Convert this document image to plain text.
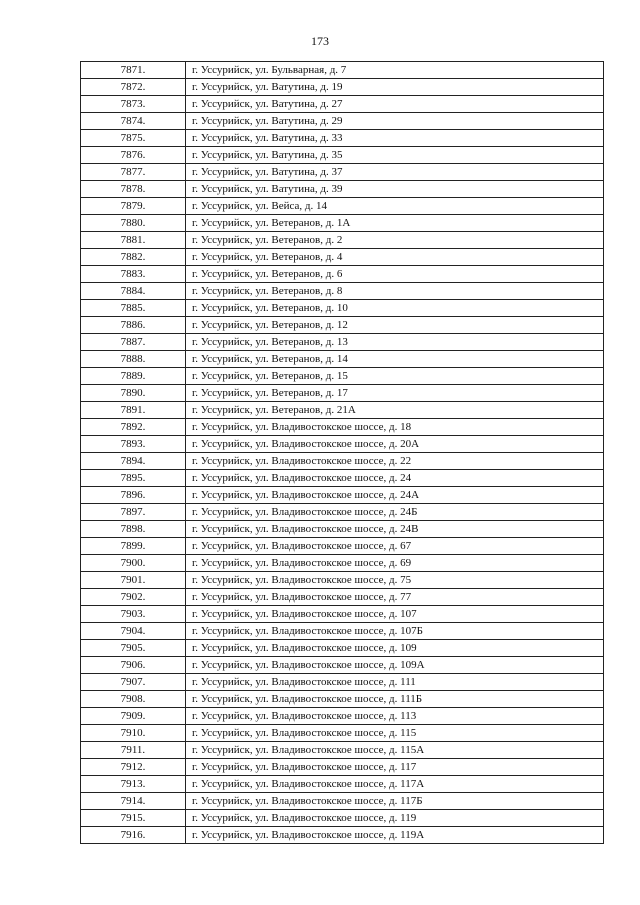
173
7871.	г. Уссурийск, ул. Бульварная, д. 7
7872.	г. Уссурийск, ул. Ватутина, д. 19
7873.	г. Уссурийск, ул. Ватутина, д. 27
7874.	г. Уссурийск, ул. Ватутина, д. 29
7875.	г. Уссурийск, ул. Ватутина, д. 33
7876.	г. Уссурийск, ул. Ватутина, д. 35
7877.	г. Уссурийск, ул. Ватутина, д. 37
7878.	г. Уссурийск, ул. Ватутина, д. 39
7879.	г. Уссурийск, ул. Вейса, д. 14
7880.	г. Уссурийск, ул. Ветеранов, д. 1А
7881.	г. Уссурийск, ул. Ветеранов, д. 2
7882.	г. Уссурийск, ул. Ветеранов, д. 4
7883.	г. Уссурийск, ул. Ветеранов, д. 6
7884.	г. Уссурийск, ул. Ветеранов, д. 8
7885.	г. Уссурийск, ул. Ветеранов, д. 10
7886.	г. Уссурийск, ул. Ветеранов, д. 12
7887.	г. Уссурийск, ул. Ветеранов, д. 13
7888.	г. Уссурийск, ул. Ветеранов, д. 14
7889.	г. Уссурийск, ул. Ветеранов, д. 15
7890.	г. Уссурийск, ул. Ветеранов, д. 17
7891.	г. Уссурийск, ул. Ветеранов, д. 21А
7892.	г. Уссурийск, ул. Владивостокское шоссе, д. 18
7893.	г. Уссурийск, ул. Владивостокское шоссе, д. 20А
7894.	г. Уссурийск, ул. Владивостокское шоссе, д. 22
7895.	г. Уссурийск, ул. Владивостокское шоссе, д. 24
7896.	г. Уссурийск, ул. Владивостокское шоссе, д. 24А
7897.	г. Уссурийск, ул. Владивостокское шоссе, д. 24Б
7898.	г. Уссурийск, ул. Владивостокское шоссе, д. 24В
7899.	г. Уссурийск, ул. Владивостокское шоссе, д. 67
7900.	г. Уссурийск, ул. Владивостокское шоссе, д. 69
7901.	г. Уссурийск, ул. Владивостокское шоссе, д. 75
7902.	г. Уссурийск, ул. Владивостокское шоссе, д. 77
7903.	г. Уссурийск, ул. Владивостокское шоссе, д. 107
7904.	г. Уссурийск, ул. Владивостокское шоссе, д. 107Б
7905.	г. Уссурийск, ул. Владивостокское шоссе, д. 109
7906.	г. Уссурийск, ул. Владивостокское шоссе, д. 109А
7907.	г. Уссурийск, ул. Владивостокское шоссе, д. 111
7908.	г. Уссурийск, ул. Владивостокское шоссе, д. 111Б
7909.	г. Уссурийск, ул. Владивостокское шоссе, д. 113
7910.	г. Уссурийск, ул. Владивостокское шоссе, д. 115
7911.	г. Уссурийск, ул. Владивостокское шоссе, д. 115А
7912.	г. Уссурийск, ул. Владивостокское шоссе, д. 117
7913.	г. Уссурийск, ул. Владивостокское шоссе, д. 117А
7914.	г. Уссурийск, ул. Владивостокское шоссе, д. 117Б
7915.	г. Уссурийск, ул. Владивостокское шоссе, д. 119
7916.	г. Уссурийск, ул. Владивостокское шоссе, д. 119А
